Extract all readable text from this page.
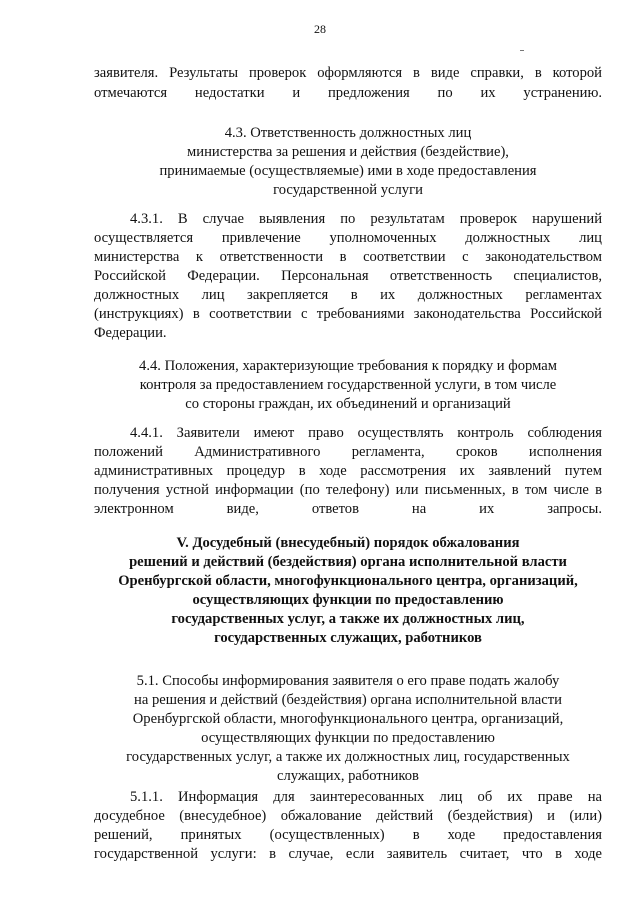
28
заявителя. Результаты проверок оформляются в виде справки, в которой
отмечаются недостатки и предложения по их устранению.
4.3. Ответственность должностных лиц
министерства за решения и действия (бездействие),
принимаемые (осуществляемые) ими в ходе предоставления
государственной услуги
4.3.1. В случае выявления по результатам проверок нарушений
осуществляется привлечение уполномоченных должностных лиц
министерства к ответственности в соответствии с законодательством
Российской Федерации. Персональная ответственность специалистов,
должностных лиц закрепляется в их должностных регламентах
(инструкциях) в соответствии с требованиями законодательства Российской
Федерации.
4.4. Положения, характеризующие требования к порядку и формам
контроля за предоставлением государственной услуги, в том числе
со стороны граждан, их объединений и организаций
4.4.1. Заявители имеют право осуществлять контроль соблюдения
положений Административного регламента, сроков исполнения
административных процедур в ходе рассмотрения их заявлений путем
получения устной информации (по телефону) или письменных, в том числе в
электронном виде, ответов на их запросы.
V. Досудебный (внесудебный) порядок обжалования
решений и действий (бездействия) органа исполнительной власти
Оренбургской области, многофункционального центра, организаций,
осуществляющих функции по предоставлению
государственных услуг, а также их должностных лиц,
государственных служащих, работников
5.1. Способы информирования заявителя о его праве подать жалобу
на решения и действий (бездействия) органа исполнительной власти
Оренбургской области, многофункционального центра, организаций,
осуществляющих функции по предоставлению
государственных услуг, а также их должностных лиц, государственных
служащих, работников
5.1.1. Информация для заинтересованных лиц об их праве на
досудебное (внесудебное) обжалование действий (бездействия) и (или)
решений, принятых (осуществленных) в ходе предоставления
государственной услуги: в случае, если заявитель считает, что в ходе
